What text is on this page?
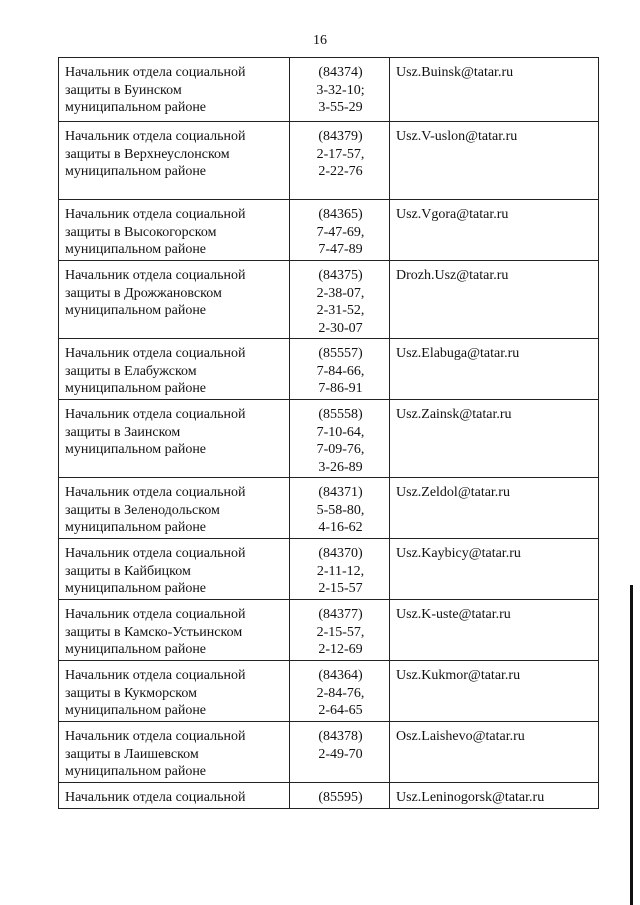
16
Начальник отдела социальной
защиты в Буинском
муниципальном районе	(84374)
3-32-10;
3-55-29	Usz.Buinsk@tatar.ru

Начальник отдела социальной
защиты в Верхнеуслонском
муниципальном районе	(84379)
2-17-57,
2-22-76	Usz.V-uslon@tatar.ru

Начальник отдела социальной
защиты в Высокогорском
муниципальном районе	(84365)
7-47-69,
7-47-89	Usz.Vgora@tatar.ru

Начальник отдела социальной
защиты в Дрожжановском
муниципальном районе	(84375)
2-38-07,
2-31-52,
2-30-07	Drozh.Usz@tatar.ru

Начальник отдела социальной
защиты в Елабужском
муниципальном районе	(85557)
7-84-66,
7-86-91	Usz.Elabuga@tatar.ru

Начальник отдела социальной
защиты в Заинском
муниципальном районе	(85558)
7-10-64,
7-09-76,
3-26-89	Usz.Zainsk@tatar.ru

Начальник отдела социальной
защиты в Зеленодольском
муниципальном районе	(84371)
5-58-80,
4-16-62	Usz.Zeldol@tatar.ru

Начальник отдела социальной
защиты в Кайбицком
муниципальном районе	(84370)
2-11-12,
2-15-57	Usz.Kaybicy@tatar.ru

Начальник отдела социальной
защиты в Камско-Устьинском
муниципальном районе	(84377)
2-15-57,
2-12-69	Usz.K-uste@tatar.ru

Начальник отдела социальной
защиты в Кукморском
муниципальном районе	(84364)
2-84-76,
2-64-65	Usz.Kukmor@tatar.ru

Начальник отдела социальной
защиты в Лаишевском
муниципальном районе	(84378)
2-49-70	Osz.Laishevo@tatar.ru

Начальник отдела социальной	(85595)	Usz.Leninogorsk@tatar.ru
